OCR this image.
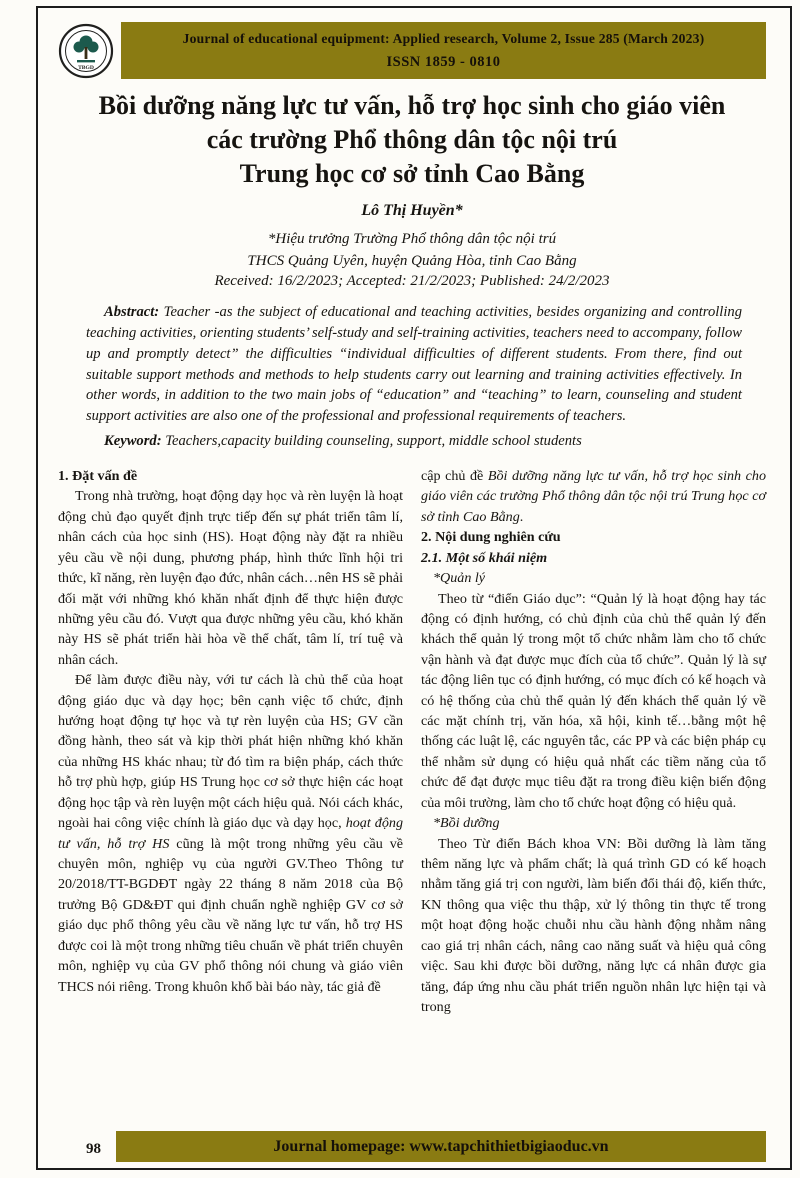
TBGD
Journal of educational equipment: Applied research, Volume 2, Issue 285 (March 2023)
ISSN 1859 - 0810
Bồi dưỡng năng lực tư vấn, hỗ trợ học sinh cho giáo viên
các trường Phổ thông dân tộc nội trú
Trung học cơ sở tỉnh Cao Bằng
Lô Thị Huyền*
*Hiệu trưởng Trường Phổ thông dân tộc nội trú
THCS Quảng Uyên, huyện Quảng Hòa, tỉnh Cao Bằng
Received: 16/2/2023; Accepted: 21/2/2023; Published: 24/2/2023

Abstract: Teacher -as the subject of educational and teaching activities, besides organizing and controlling teaching activities, orienting students’ self-study and self-training activities, teachers need to accompany, follow up and promptly detect” the difficulties “individual difficulties of different students. From there, find out suitable support methods and methods to help students carry out learning and training activities effectively. In other words, in addition to the two main jobs of “education” and “teaching” to learn, counseling and student support activities are also one of the professional and professional requirements of teachers.

Keyword: Teachers,capacity building counseling, support, middle school students

1. Đặt vấn đề

Trong nhà trường, hoạt động dạy học và rèn luyện là hoạt động chủ đạo quyết định trực tiếp đến sự phát triển tâm lí, nhân cách của học sinh (HS). Hoạt động này đặt ra nhiều yêu cầu về nội dung, phương pháp, hình thức lĩnh hội tri thức, kĩ năng, rèn luyện đạo đức, nhân cách…nên HS sẽ phải đối mặt với những khó khăn nhất định để thực hiện được những yêu cầu đó. Vượt qua được những yêu cầu, khó khăn này HS sẽ phát triển hài hòa về thể chất, tâm lí, trí tuệ và nhân cách.

Để làm được điều này, với tư cách là chủ thể của hoạt động giáo dục và dạy học; bên cạnh việc tổ chức, định hướng hoạt động tự học và tự rèn luyện của HS; GV cần đồng hành, theo sát và kịp thời phát hiện những khó khăn của những HS khác nhau; từ đó tìm ra biện pháp, cách thức hỗ trợ phù hợp, giúp HS Trung học cơ sở thực hiện các hoạt động học tập và rèn luyện một cách hiệu quả. Nói cách khác, ngoài hai công việc chính là giáo dục và dạy học, hoạt động tư vấn, hỗ trợ HS cũng là một trong những yêu cầu về chuyên môn, nghiệp vụ của người GV.Theo Thông tư 20/2018/TT-BGDĐT ngày 22 tháng 8 năm 2018 của Bộ trưởng Bộ GD&ĐT qui định chuẩn nghề nghiệp GV cơ sở giáo dục phổ thông yêu cầu về năng lực tư vấn, hỗ trợ HS được coi là một trong những tiêu chuẩn về phát triển chuyên môn, nghiệp vụ của GV phổ thông nói chung và giáo viên THCS nói riêng. Trong khuôn khổ bài báo này, tác giả đề

cập chủ đề Bồi dưỡng năng lực tư vấn, hỗ trợ học sinh cho giáo viên các trường Phổ thông dân tộc nội trú Trung học cơ sở tỉnh Cao Bằng.

2. Nội dung nghiên cứu
2.1. Một số khái niệm
*Quản lý

Theo từ “điển Giáo dục”: “Quản lý là hoạt động hay tác động có định hướng, có chủ định của chủ thể quản lý đến khách thể quản lý trong một tổ chức nhằm làm cho tổ chức vận hành và đạt được mục đích của tổ chức”. Quản lý là sự tác động liên tục có định hướng, có mục đích có kế hoạch và có hệ thống của chủ thể quản lý đến khách thể quản lý về các mặt chính trị, văn hóa, xã hội, kinh tế…bằng một hệ thống các luật lệ, các nguyên tắc, các PP và các biện pháp cụ thể nhằm sử dụng có hiệu quả nhất các tiềm năng của tổ chức để đạt được mục tiêu đặt ra trong điều kiện biến động của môi trường, làm cho tổ chức hoạt động có hiệu quả.

*Bồi dưỡng

Theo Từ điển Bách khoa VN: Bồi dưỡng là làm tăng thêm năng lực và phẩm chất; là quá trình GD có kế hoạch nhằm tăng giá trị con người, làm biến đổi thái độ, kiến thức, KN thông qua việc thu thập, xử lý thông tin thực tế trong một hoạt động hoặc chuỗi nhu cầu hành động nhằm nâng cao giá trị nhân cách, nâng cao năng suất và hiệu quả công việc. Sau khi được bồi dưỡng, năng lực cá nhân được gia tăng, đáp ứng nhu cầu phát triển nguồn nhân lực hiện tại và trong

98	Journal homepage: www.tapchithietbigiaoduc.vn
